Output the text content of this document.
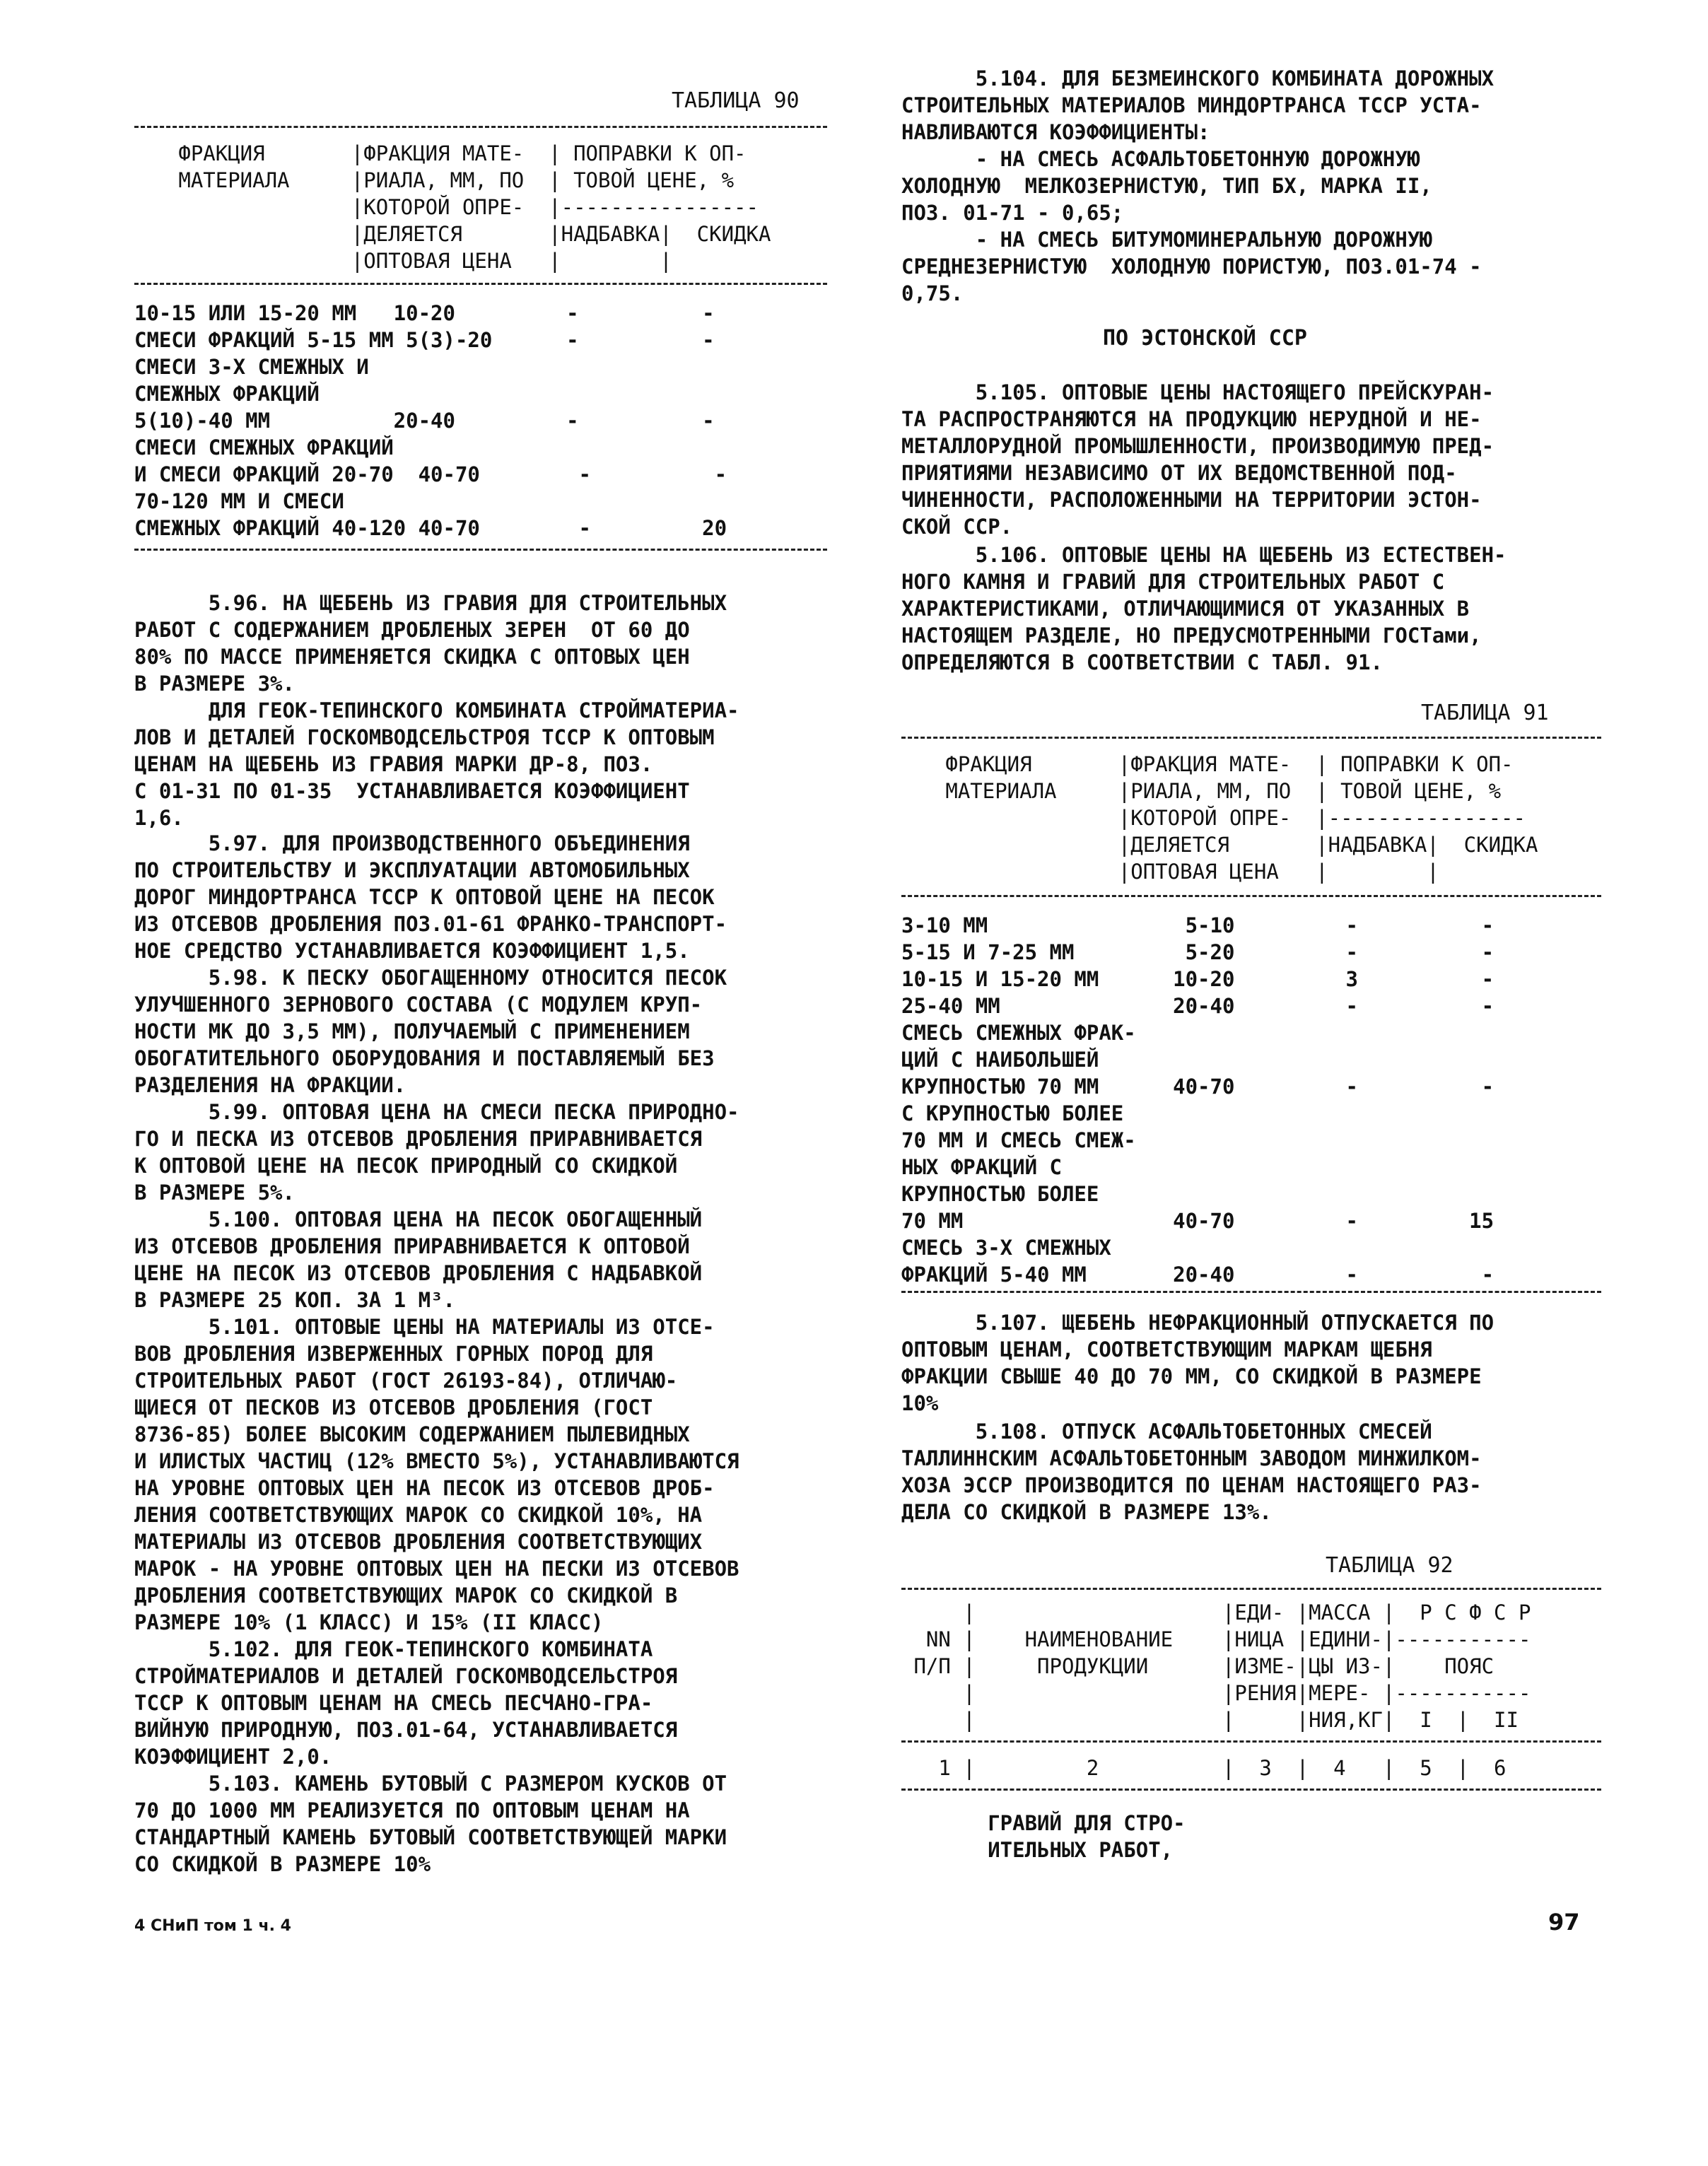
ТАБЛИЦА 90
ФРАКЦИЯ       |ФРАКЦИЯ МАТЕ-  | ПОПРАВКИ К ОП-
МАТЕРИАЛА     |РИАЛА, ММ, ПО  | ТОВОЙ ЦЕНЕ, %
|КОТОРОЙ ОПРЕ-  |----------------
|ДЕЛЯЕТСЯ       |НАДБАВКА|  СКИДКА
|ОПТОВАЯ ЦЕНА   |        |
10-15 ИЛИ 15-20 ММ   10-20         -          -
СМЕСИ ФРАКЦИЙ 5-15 ММ 5(3)-20      -          -
СМЕСИ 3-Х СМЕЖНЫХ И
СМЕЖНЫХ ФРАКЦИЙ
5(10)-40 ММ          20-40         -          -
СМЕСИ СМЕЖНЫХ ФРАКЦИЙ
И СМЕСИ ФРАКЦИЙ 20-70  40-70        -          -
70-120 ММ И СМЕСИ
СМЕЖНЫХ ФРАКЦИЙ 40-120 40-70        -         20
5.96. НА ЩЕБЕНЬ ИЗ ГРАВИЯ ДЛЯ СТРОИТЕЛЬНЫХ
РАБОТ С СОДЕРЖАНИЕМ ДРОБЛЕНЫХ ЗЕРЕН  ОТ 60 ДО
80% ПО МАССЕ ПРИМЕНЯЕТСЯ СКИДКА С ОПТОВЫХ ЦЕН
В РАЗМЕРЕ 3%.
ДЛЯ ГЕОК-ТЕПИНСКОГО КОМБИНАТА СТРОЙМАТЕРИА-
ЛОВ И ДЕТАЛЕЙ ГОСКОМВОДСЕЛЬСТРОЯ ТССР К ОПТОВЫМ
ЦЕНАМ НА ЩЕБЕНЬ ИЗ ГРАВИЯ МАРКИ ДР-8, ПОЗ.
С 01-31 ПО 01-35  УСТАНАВЛИВАЕТСЯ КОЭФФИЦИЕНТ
1,6.
5.97. ДЛЯ ПРОИЗВОДСТВЕННОГО ОБЪЕДИНЕНИЯ
ПО СТРОИТЕЛЬСТВУ И ЭКСПЛУАТАЦИИ АВТОМОБИЛЬНЫХ
ДОРОГ МИНДОРТРАНСА ТССР К ОПТОВОЙ ЦЕНЕ НА ПЕСОК
ИЗ ОТСЕВОВ ДРОБЛЕНИЯ ПОЗ.01-61 ФРАНКО-ТРАНСПОРТ-
НОЕ СРЕДСТВО УСТАНАВЛИВАЕТСЯ КОЭФФИЦИЕНТ 1,5.
5.98. К ПЕСКУ ОБОГАЩЕННОМУ ОТНОСИТСЯ ПЕСОК
УЛУЧШЕННОГО ЗЕРНОВОГО СОСТАВА (С МОДУЛЕМ КРУП-
НОСТИ МК ДО 3,5 ММ), ПОЛУЧАЕМЫЙ С ПРИМЕНЕНИЕМ
ОБОГАТИТЕЛЬНОГО ОБОРУДОВАНИЯ И ПОСТАВЛЯЕМЫЙ БЕЗ
РАЗДЕЛЕНИЯ НА ФРАКЦИИ.
5.99. ОПТОВАЯ ЦЕНА НА СМЕСИ ПЕСКА ПРИРОДНО-
ГО И ПЕСКА ИЗ ОТСЕВОВ ДРОБЛЕНИЯ ПРИРАВНИВАЕТСЯ
К ОПТОВОЙ ЦЕНЕ НА ПЕСОК ПРИРОДНЫЙ СО СКИДКОЙ
В РАЗМЕРЕ 5%.
5.100. ОПТОВАЯ ЦЕНА НА ПЕСОК ОБОГАЩЕННЫЙ
ИЗ ОТСЕВОВ ДРОБЛЕНИЯ ПРИРАВНИВАЕТСЯ К ОПТОВОЙ
ЦЕНЕ НА ПЕСОК ИЗ ОТСЕВОВ ДРОБЛЕНИЯ С НАДБАВКОЙ
В РАЗМЕРЕ 25 КОП. ЗА 1 М³.
5.101. ОПТОВЫЕ ЦЕНЫ НА МАТЕРИАЛЫ ИЗ ОТСЕ-
ВОВ ДРОБЛЕНИЯ ИЗВЕРЖЕННЫХ ГОРНЫХ ПОРОД ДЛЯ
СТРОИТЕЛЬНЫХ РАБОТ (ГОСТ 26193-84), ОТЛИЧАЮ-
ЩИЕСЯ ОТ ПЕСКОВ ИЗ ОТСЕВОВ ДРОБЛЕНИЯ (ГОСТ
8736-85) БОЛЕЕ ВЫСОКИМ СОДЕРЖАНИЕМ ПЫЛЕВИДНЫХ
И ИЛИСТЫХ ЧАСТИЦ (12% ВМЕСТО 5%), УСТАНАВЛИВАЮТСЯ
НА УРОВНЕ ОПТОВЫХ ЦЕН НА ПЕСОК ИЗ ОТСЕВОВ ДРОБ-
ЛЕНИЯ СООТВЕТСТВУЮЩИХ МАРОК СО СКИДКОЙ 10%, НА
МАТЕРИАЛЫ ИЗ ОТСЕВОВ ДРОБЛЕНИЯ СООТВЕТСТВУЮЩИХ
МАРОК - НА УРОВНЕ ОПТОВЫХ ЦЕН НА ПЕСКИ ИЗ ОТСЕВОВ
ДРОБЛЕНИЯ СООТВЕТСТВУЮЩИХ МАРОК СО СКИДКОЙ В
РАЗМЕРЕ 10% (1 КЛАСС) И 15% (II КЛАСС)
5.102. ДЛЯ ГЕОК-ТЕПИНСКОГО КОМБИНАТА
СТРОЙМАТЕРИАЛОВ И ДЕТАЛЕЙ ГОСКОМВОДСЕЛЬСТРОЯ
ТССР К ОПТОВЫМ ЦЕНАМ НА СМЕСЬ ПЕСЧАНО-ГРА-
ВИЙНУЮ ПРИРОДНУЮ, ПОЗ.01-64, УСТАНАВЛИВАЕТСЯ
КОЭФФИЦИЕНТ 2,0.
5.103. КАМЕНЬ БУТОВЫЙ С РАЗМЕРОМ КУСКОВ ОТ
70 ДО 1000 ММ РЕАЛИЗУЕТСЯ ПО ОПТОВЫМ ЦЕНАМ НА
СТАНДАРТНЫЙ КАМЕНЬ БУТОВЫЙ СООТВЕТСТВУЮЩЕЙ МАРКИ
СО СКИДКОЙ В РАЗМЕРЕ 10%
5.104. ДЛЯ БЕЗМЕИНСКОГО КОМБИНАТА ДОРОЖНЫХ
СТРОИТЕЛЬНЫХ МАТЕРИАЛОВ МИНДОРТРАНСА ТССР УСТА-
НАВЛИВАЮТСЯ КОЭФФИЦИЕНТЫ:
- НА СМЕСЬ АСФАЛЬТОБЕТОННУЮ ДОРОЖНУЮ
ХОЛОДНУЮ  МЕЛКОЗЕРНИСТУЮ, ТИП БХ, МАРКА II,
ПОЗ. 01-71 - 0,65;
- НА СМЕСЬ БИТУМОМИНЕРАЛЬНУЮ ДОРОЖНУЮ
СРЕДНЕЗЕРНИСТУЮ  ХОЛОДНУЮ ПОРИСТУЮ, ПОЗ.01-74 -
0,75.
ПО ЭСТОНСКОЙ ССР
5.105. ОПТОВЫЕ ЦЕНЫ НАСТОЯЩЕГО ПРЕЙСКУРАН-
ТА РАСПРОСТРАНЯЮТСЯ НА ПРОДУКЦИЮ НЕРУДНОЙ И НЕ-
МЕТАЛЛОРУДНОЙ ПРОМЫШЛЕННОСТИ, ПРОИЗВОДИМУЮ ПРЕД-
ПРИЯТИЯМИ НЕЗАВИСИМО ОТ ИХ ВЕДОМСТВЕННОЙ ПОД-
ЧИНЕННОСТИ, РАСПОЛОЖЕННЫМИ НА ТЕРРИТОРИИ ЭСТОН-
СКОЙ ССР.
5.106. ОПТОВЫЕ ЦЕНЫ НА ЩЕБЕНЬ ИЗ ЕСТЕСТВЕН-
НОГО КАМНЯ И ГРАВИЙ ДЛЯ СТРОИТЕЛЬНЫХ РАБОТ С
ХАРАКТЕРИСТИКАМИ, ОТЛИЧАЮЩИМИСЯ ОТ УКАЗАННЫХ В
НАСТОЯЩЕМ РАЗДЕЛЕ, НО ПРЕДУСМОТРЕННЫМИ ГОСТами,
ОПРЕДЕЛЯЮТСЯ В СООТВЕТСТВИИ С ТАБЛ. 91.
ТАБЛИЦА 91
ФРАКЦИЯ       |ФРАКЦИЯ МАТЕ-  | ПОПРАВКИ К ОП-
МАТЕРИАЛА     |РИАЛА, ММ, ПО  | ТОВОЙ ЦЕНЕ, %
|КОТОРОЙ ОПРЕ-  |----------------
|ДЕЛЯЕТСЯ       |НАДБАВКА|  СКИДКА
|ОПТОВАЯ ЦЕНА   |        |
3-10 ММ                5-10         -          -
5-15 И 7-25 ММ         5-20         -          -
10-15 И 15-20 ММ      10-20         3          -
25-40 ММ              20-40         -          -
СМЕСЬ СМЕЖНЫХ ФРАК-
ЦИЙ С НАИБОЛЬШЕЙ
КРУПНОСТЬЮ 70 ММ      40-70         -          -
С КРУПНОСТЬЮ БОЛЕЕ
70 ММ И СМЕСЬ СМЕЖ-
НЫХ ФРАКЦИЙ С
КРУПНОСТЬЮ БОЛЕЕ
70 ММ                 40-70         -         15
СМЕСЬ 3-Х СМЕЖНЫХ
ФРАКЦИЙ 5-40 ММ       20-40         -          -
5.107. ЩЕБЕНЬ НЕФРАКЦИОННЫЙ ОТПУСКАЕТСЯ ПО
ОПТОВЫМ ЦЕНАМ, СООТВЕТСТВУЮЩИМ МАРКАМ ЩЕБНЯ
ФРАКЦИИ СВЫШЕ 40 ДО 70 ММ, СО СКИДКОЙ В РАЗМЕРЕ
10%
5.108. ОТПУСК АСФАЛЬТОБЕТОННЫХ СМЕСЕЙ
ТАЛЛИННСКИМ АСФАЛЬТОБЕТОННЫМ ЗАВОДОМ МИНЖИЛКОМ-
ХОЗА ЭССР ПРОИЗВОДИТСЯ ПО ЦЕНАМ НАСТОЯЩЕГО РАЗ-
ДЕЛА СО СКИДКОЙ В РАЗМЕРЕ 13%.
ТАБЛИЦА 92
|                    |ЕДИ- |МАССА |  Р С Ф С Р
NN |    НАИМЕНОВАНИЕ    |НИЦА |ЕДИНИ-|-----------
П/П |     ПРОДУКЦИИ      |ИЗМЕ-|ЦЫ ИЗ-|    ПОЯС
|                    |РЕНИЯ|МЕРЕ- |-----------
|                    |     |НИЯ,КГ|  I  |  II
1 |         2          |  3  |  4   |  5  |  6
ГРАВИЙ ДЛЯ СТРО-
ИТЕЛЬНЫХ РАБОТ,
4 СНиП том 1 ч. 4	97
